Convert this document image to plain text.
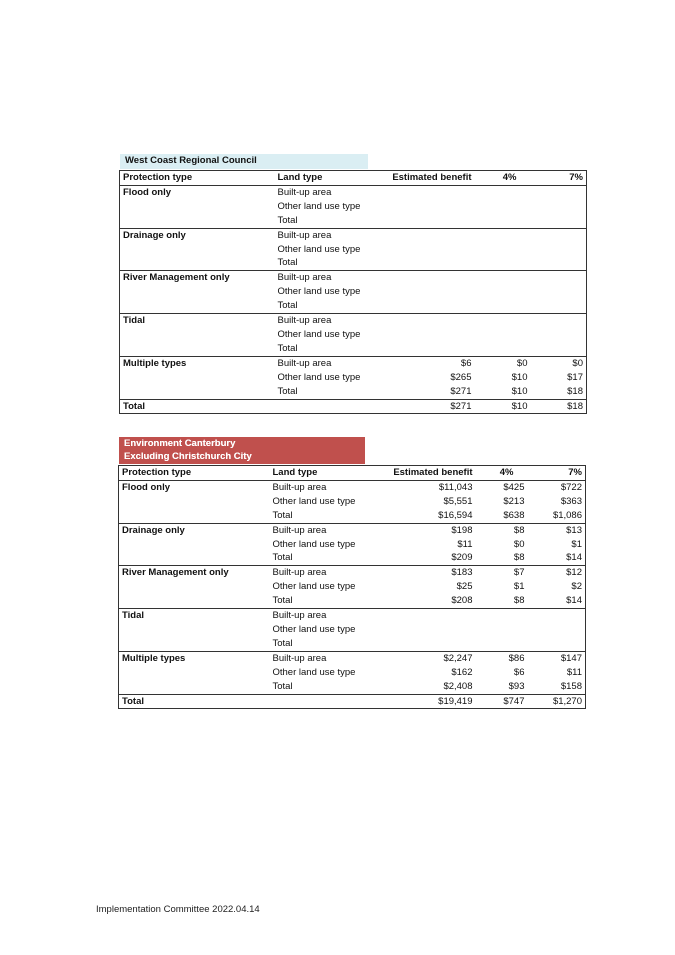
West Coast Regional Council
Protection type	Land type	Estimated benefit	4%	7%
Flood only	Built-up area			
	Other land use type			
	Total			
Drainage only	Built-up area			
	Other land use type			
	Total			
River Management only	Built-up area			
	Other land use type			
	Total			
Tidal	Built-up area			
	Other land use type			
	Total			
Multiple types	Built-up area	$6	$0	$0
	Other land use type	$265	$10	$17
	Total	$271	$10	$18
Total		$271	$10	$18
Environment Canterbury
Excluding Christchurch City
Protection type	Land type	Estimated benefit	4%	7%
Flood only	Built-up area	$11,043	$425	$722
	Other land use type	$5,551	$213	$363
	Total	$16,594	$638	$1,086
Drainage only	Built-up area	$198	$8	$13
	Other land use type	$11	$0	$1
	Total	$209	$8	$14
River Management only	Built-up area	$183	$7	$12
	Other land use type	$25	$1	$2
	Total	$208	$8	$14
Tidal	Built-up area			
	Other land use type			
	Total			
Multiple types	Built-up area	$2,247	$86	$147
	Other land use type	$162	$6	$11
	Total	$2,408	$93	$158
Total		$19,419	$747	$1,270
Implementation Committee 2022.04.14
